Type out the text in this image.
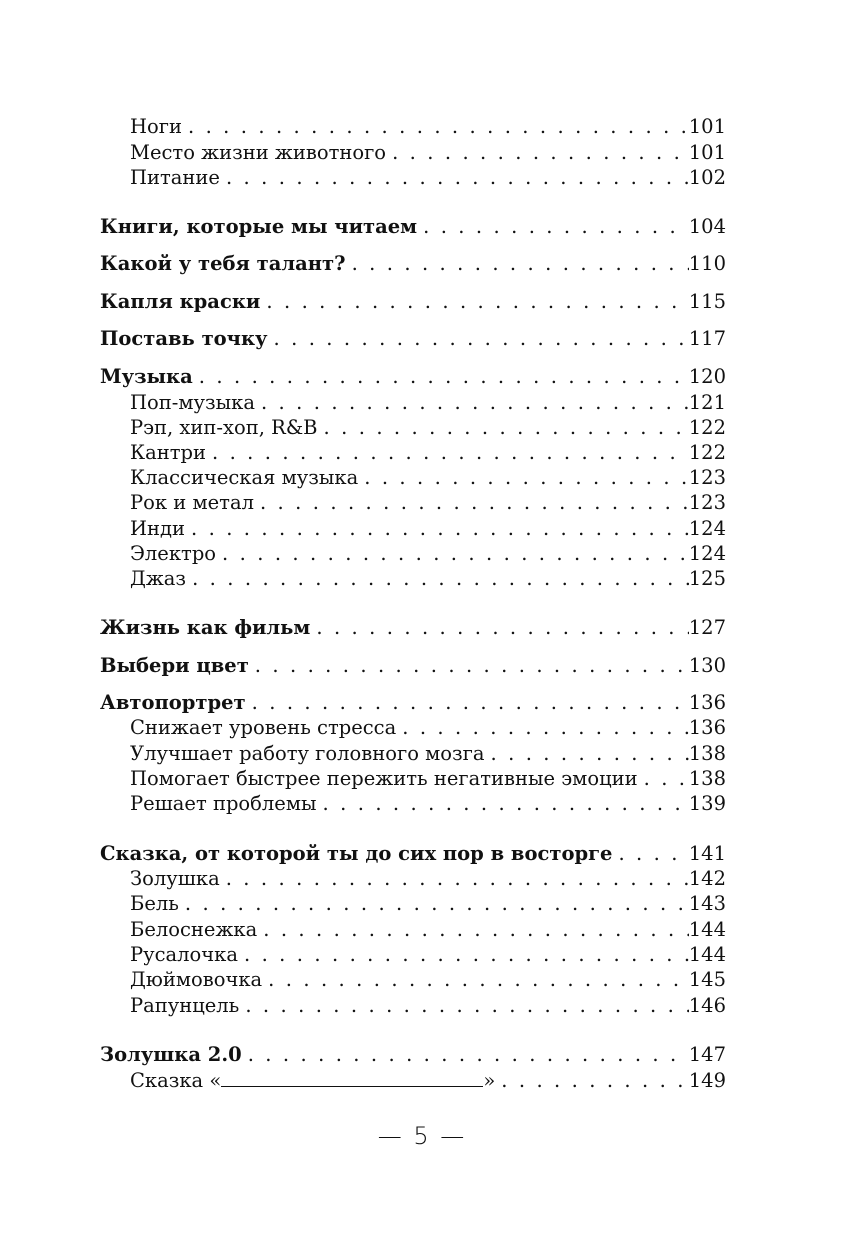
Ноги . . .	101
Место жизни животного . . .	101
Питание . . .	102
Книги, которые мы читаем . . .	104
Какой у тебя талант? . . .	110
Капля краски . . .	115
Поставь точку . . .	117
Музыка . . .	120
Поп-музыка . . .	121
Рэп, хип-хоп, R&B . . .	122
Кантри . . .	122
Классическая музыка . . .	123
Рок и метал . . .	123
Инди . . .	124
Электро . . .	124
Джаз . . .	125
Жизнь как фильм . . .	127
Выбери цвет . . .	130
Автопортрет . . .	136
Снижает уровень стресса . . .	136
Улучшает работу головного мозга . . .	138
Помогает быстрее пережить негативные эмоции . . .	138
Решает проблемы . . .	139
Сказка, от которой ты до сих пор в восторге . . .	141
Золушка . . .	142
Бель . . .	143
Белоснежка . . .	144
Русалочка . . .	144
Дюймовочка . . .	145
Рапунцель . . .	146
Золушка 2.0 . . .	147
Сказка «	» . . .	149
— 5 —
